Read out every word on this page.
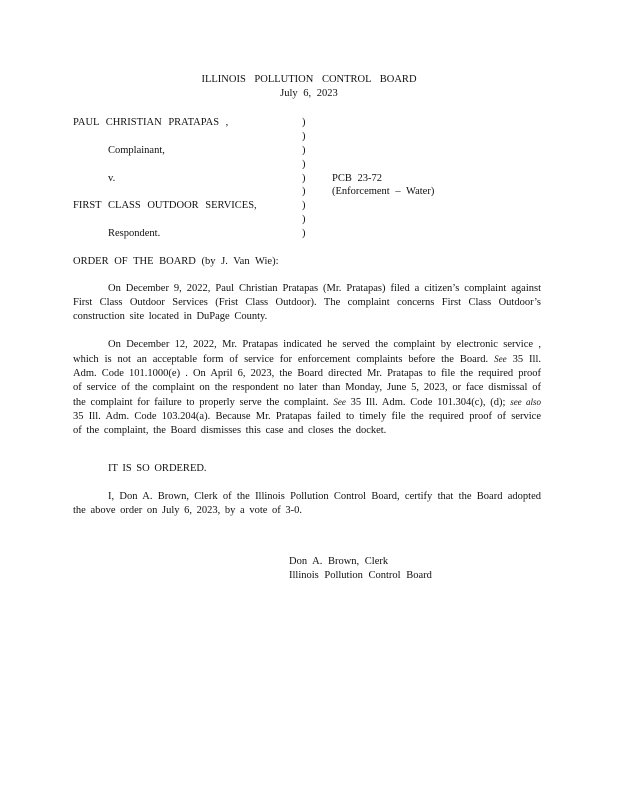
ILLINOIS POLLUTION CONTROL BOARD
July 6, 2023
PAUL CHRISTIAN PRATAPAS ,
Complainant,
v.
FIRST CLASS OUTDOOR SERVICES,
Respondent.
)
)
)
)
)
)
)
)
)
PCB 23-72
(Enforcement – Water)
ORDER OF THE BOARD (by J. Van Wie):
On December 9, 2022, Paul Christian Pratapas (Mr. Pratapas) filed a citizen’s complaint against First Class Outdoor Services (Frist Class Outdoor). The complaint concerns First Class Outdoor’s construction site located in DuPage County.
On December 12, 2022, Mr. Pratapas indicated he served the complaint by electronic service , which is not an acceptable form of service for enforcement complaints before the Board. See 35 Ill. Adm. Code 101.1000(e) . On April 6, 2023, the Board directed Mr. Pratapas to file the required proof of service of the complaint on the respondent no later than Monday, June 5, 2023, or face dismissal of the complaint for failure to properly serve the complaint. See 35 Ill. Adm. Code 101.304(c), (d); see also 35 Ill. Adm. Code 103.204(a). Because Mr. Pratapas failed to timely file the required proof of service of the complaint, the Board dismisses this case and closes the docket.
IT IS SO ORDERED.
I, Don A. Brown, Clerk of the Illinois Pollution Control Board, certify that the Board adopted the above order on July 6, 2023, by a vote of 3-0.
Don A. Brown, Clerk
Illinois Pollution Control Board
